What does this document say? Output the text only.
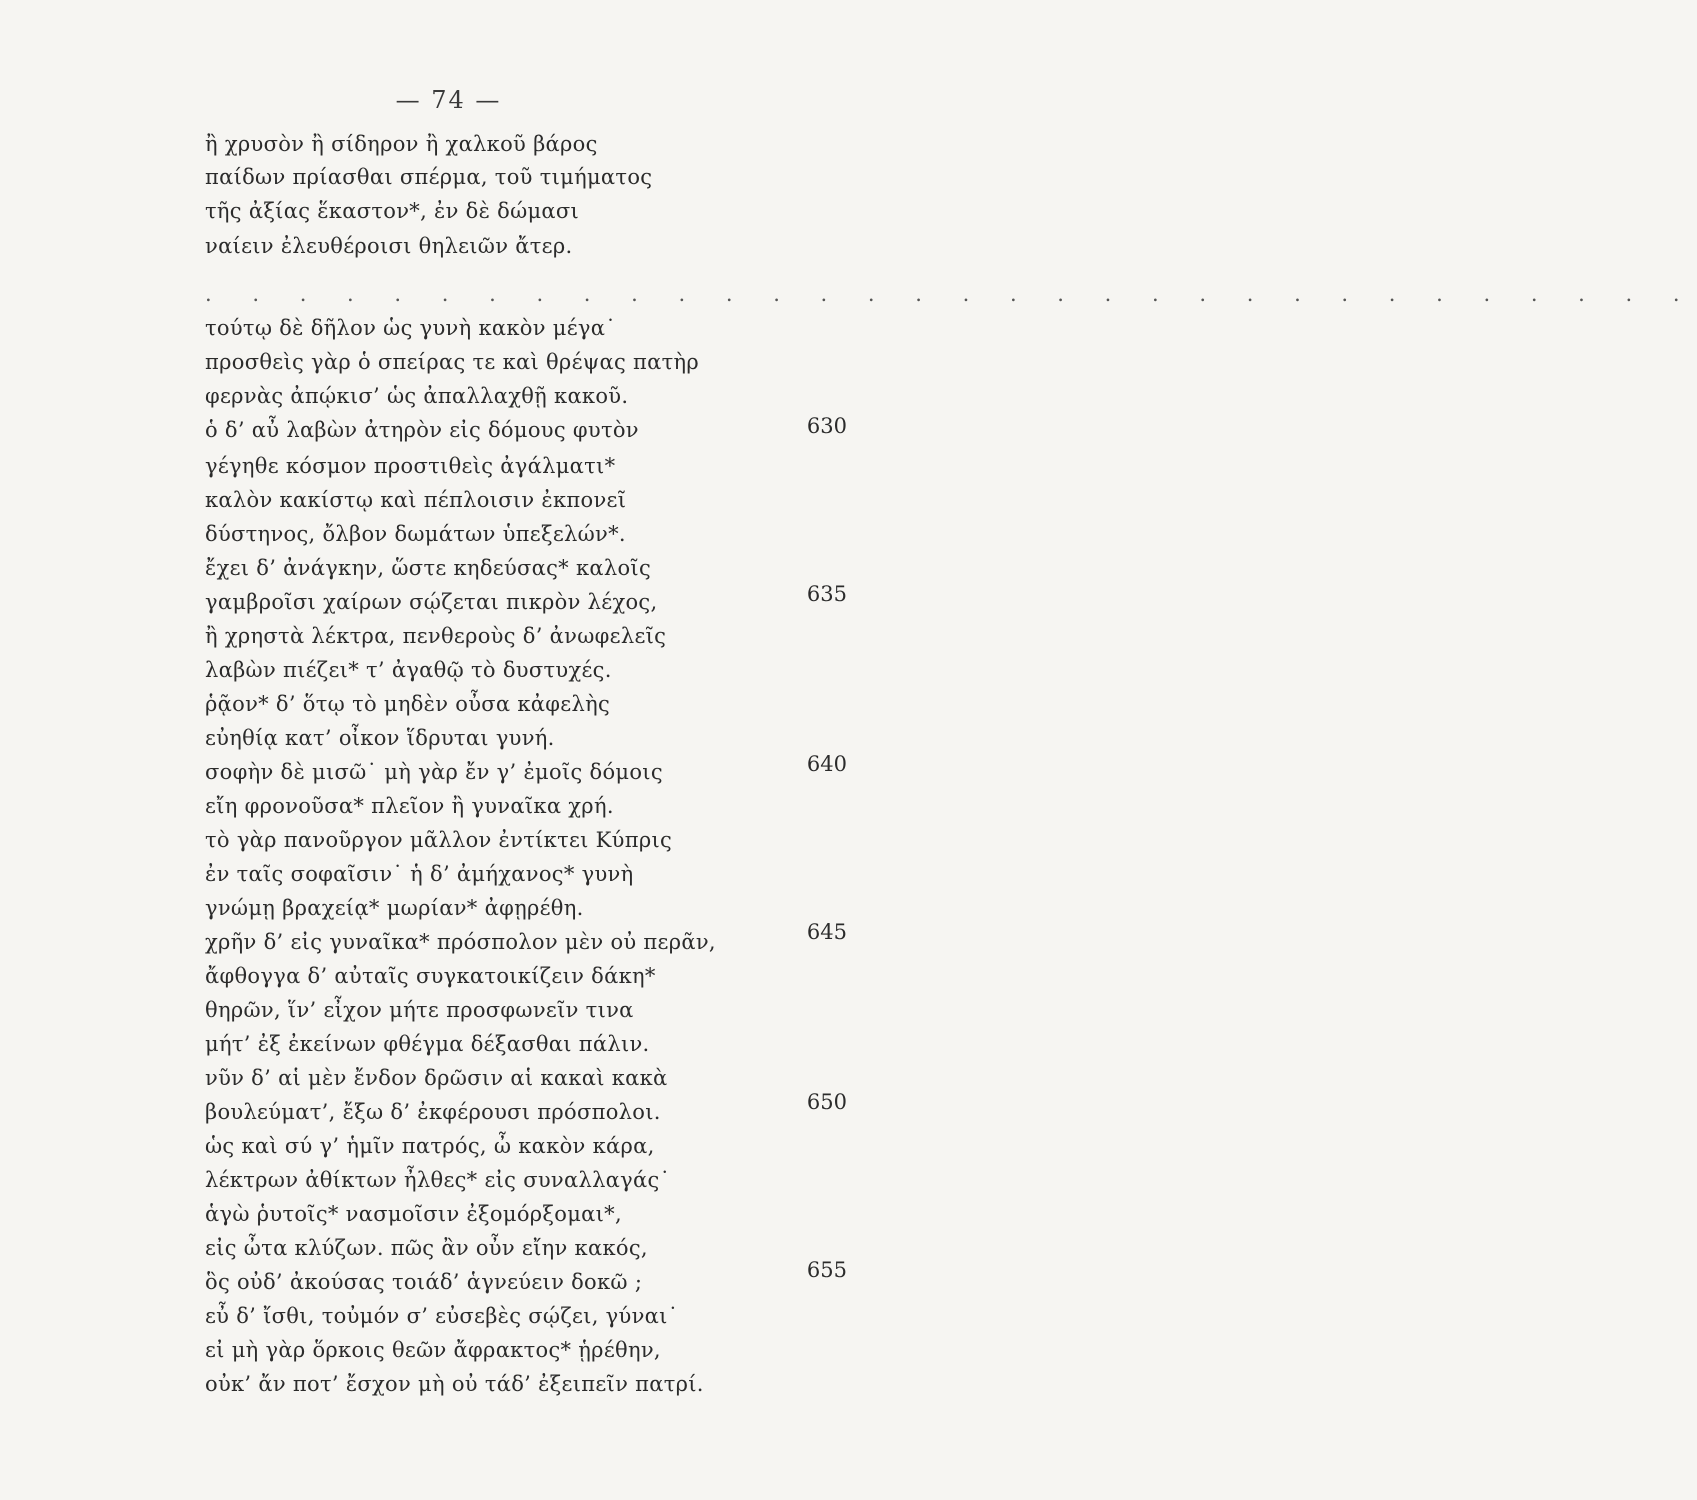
— 74 —
ἢ χρυσὸν ἢ σίδηρον ἢ χαλκοῦ βάρος
παίδων πρίασθαι σπέρμα, τοῦ τιμήματος
τῆς ἀξίας ἕκαστον*, ἐν δὲ δώμασι
ναίειν ἐλευθέροισι θηλειῶν ἄτερ.
. . . . . . . . . . . . . . . . . . . . . . . . . . . . . . . .
τούτῳ δὲ δῆλον ὡς γυνὴ κακὸν μέγα˙
προσθεὶς γὰρ ὁ σπείρας τε καὶ θρέψας πατὴρ
φερνὰς ἀπῴκισ’ ὡς ἀπαλλαχθῇ κακοῦ.
ὁ δ’ αὖ λαβὼν ἀτηρὸν εἰς δόμους φυτὸν
γέγηθε κόσμον προστιθεὶς ἀγάλματι*
καλὸν κακίστῳ καὶ πέπλοισιν ἐκπονεῖ
δύστηνος, ὄλβον δωμάτων ὑπεξελών*.
ἔχει δ’ ἀνάγκην, ὥστε κηδεύσας* καλοῖς
γαμβροῖσι χαίρων σῴζεται πικρὸν λέχος,
ἢ χρηστὰ λέκτρα, πενθεροὺς δ’ ἀνωφελεῖς
λαβὼν πιέζει* τ’ ἀγαθῷ τὸ δυστυχές.
ῥᾷον* δ’ ὅτῳ τὸ μηδὲν οὖσα κἀφελὴς
εὐηθίᾳ κατ’ οἶκον ἵδρυται γυνή.
σοφὴν δὲ μισῶ˙ μὴ γὰρ ἔν γ’ ἐμοῖς δόμοις
εἴη φρονοῦσα* πλεῖον ἢ γυναῖκα χρή.
τὸ γὰρ πανοῦργον μᾶλλον ἐντίκτει Κύπρις
ἐν ταῖς σοφαῖσιν˙ ἡ δ’ ἀμήχανος* γυνὴ
γνώμῃ βραχείᾳ* μωρίαν* ἀφῃρέθη.
χρῆν δ’ εἰς γυναῖκα* πρόσπολον μὲν οὐ περᾶν,
ἄφθογγα δ’ αὐταῖς συγκατοικίζειν δάκη*
θηρῶν, ἵν’ εἶχον μήτε προσφωνεῖν τινα
μήτ’ ἐξ ἐκείνων φθέγμα δέξασθαι πάλιν.
νῦν δ’ αἱ μὲν ἔνδον δρῶσιν αἱ κακαὶ κακὰ
βουλεύματ’, ἔξω δ’ ἐκφέρουσι πρόσπολοι.
ὡς καὶ σύ γ’ ἡμῖν πατρός, ὦ κακὸν κάρα,
λέκτρων ἀθίκτων ἦλθες* εἰς συναλλαγάς˙
ἁγὼ ῥυτοῖς* νασμοῖσιν ἐξομόρξομαι*,
εἰς ὦτα κλύζων. πῶς ἂν οὖν εἴην κακός,
ὃς οὐδ’ ἀκούσας τοιάδ’ ἁγνεύειν δοκῶ ;
εὖ δ’ ἴσθι, τοὐμόν σ’ εὐσεβὲς σῴζει, γύναι˙
εἰ μὴ γὰρ ὅρκοις θεῶν ἄφρακτος* ᾑρέθην,
οὐκ’ ἄν ποτ’ ἔσχον μὴ οὐ τάδ’ ἐξειπεῖν πατρί.
630
635
640
645
650
655
